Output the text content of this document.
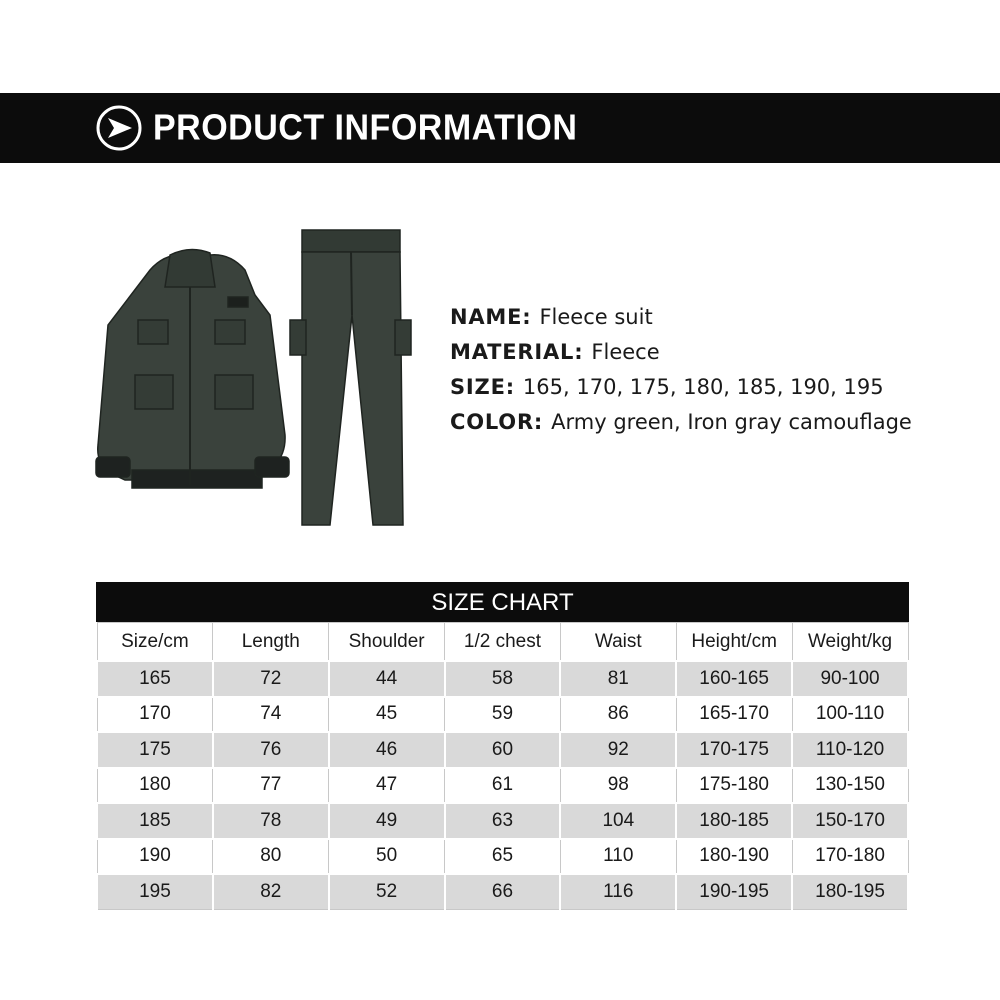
PRODUCT INFORMATION
NAME: Fleece suit
MATERIAL: Fleece
SIZE: 165, 170, 175, 180, 185, 190, 195
COLOR: Army green, Iron gray camouflage
SIZE CHART
Size/cm	Length	Shoulder	1/2 chest	Waist	Height/cm	Weight/kg
165	72	44	58	81	160-165	90-100
170	74	45	59	86	165-170	100-110
175	76	46	60	92	170-175	110-120
180	77	47	61	98	175-180	130-150
185	78	49	63	104	180-185	150-170
190	80	50	65	110	180-190	170-180
195	82	52	66	116	190-195	180-195
